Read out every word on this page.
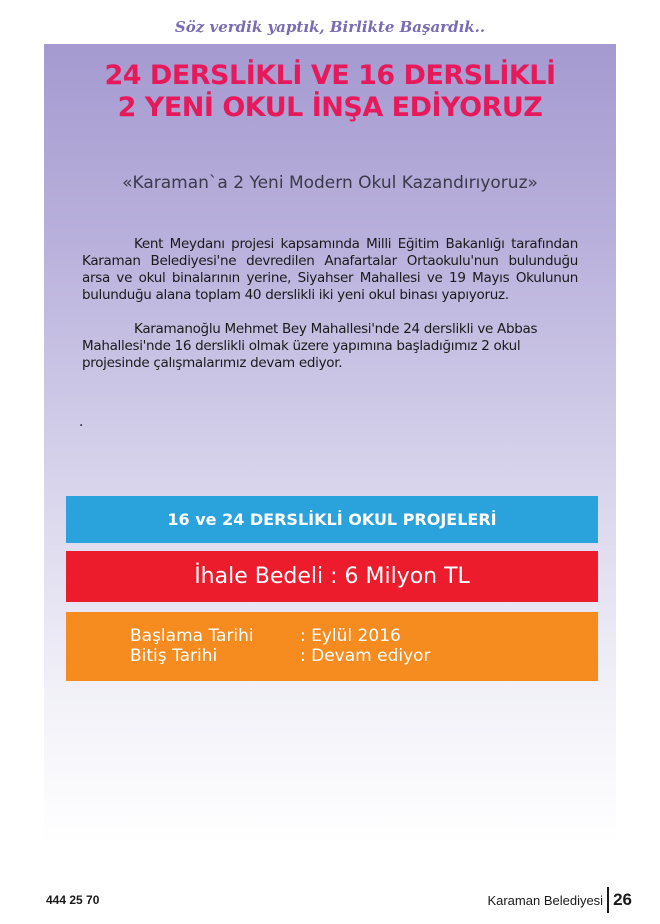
Söz verdik yaptık, Birlikte Başardık..
24 DERSLİKLİ VE 16 DERSLİKLİ
2 YENİ OKUL İNŞA EDİYORUZ
«Karaman`a 2 Yeni Modern Okul Kazandırıyoruz»

Kent Meydanı projesi kapsamında Milli Eğitim Bakanlığı tarafından Karaman Belediyesi'ne devredilen Anafartalar Ortaokulu'nun bulunduğu arsa ve okul binalarının yerine, Siyahser Mahallesi ve 19 Mayıs Okulunun bulunduğu alana toplam 40 derslikli iki yeni okul binası yapıyoruz.

Karamanoğlu Mehmet Bey Mahallesi'nde 24 derslikli ve Abbas Mahallesi'nde 16 derslikli olmak üzere yapımına başladığımız 2 okul projesinde çalışmalarımız devam ediyor.

.
16 ve 24 DERSLİKLİ OKUL PROJELERİ
İhale Bedeli : 6 Milyon TL
Başlama Tarihi	: Eylül 2016
Bitiş Tarihi	: Devam ediyor
444 25 70	Karaman Belediyesi 26
